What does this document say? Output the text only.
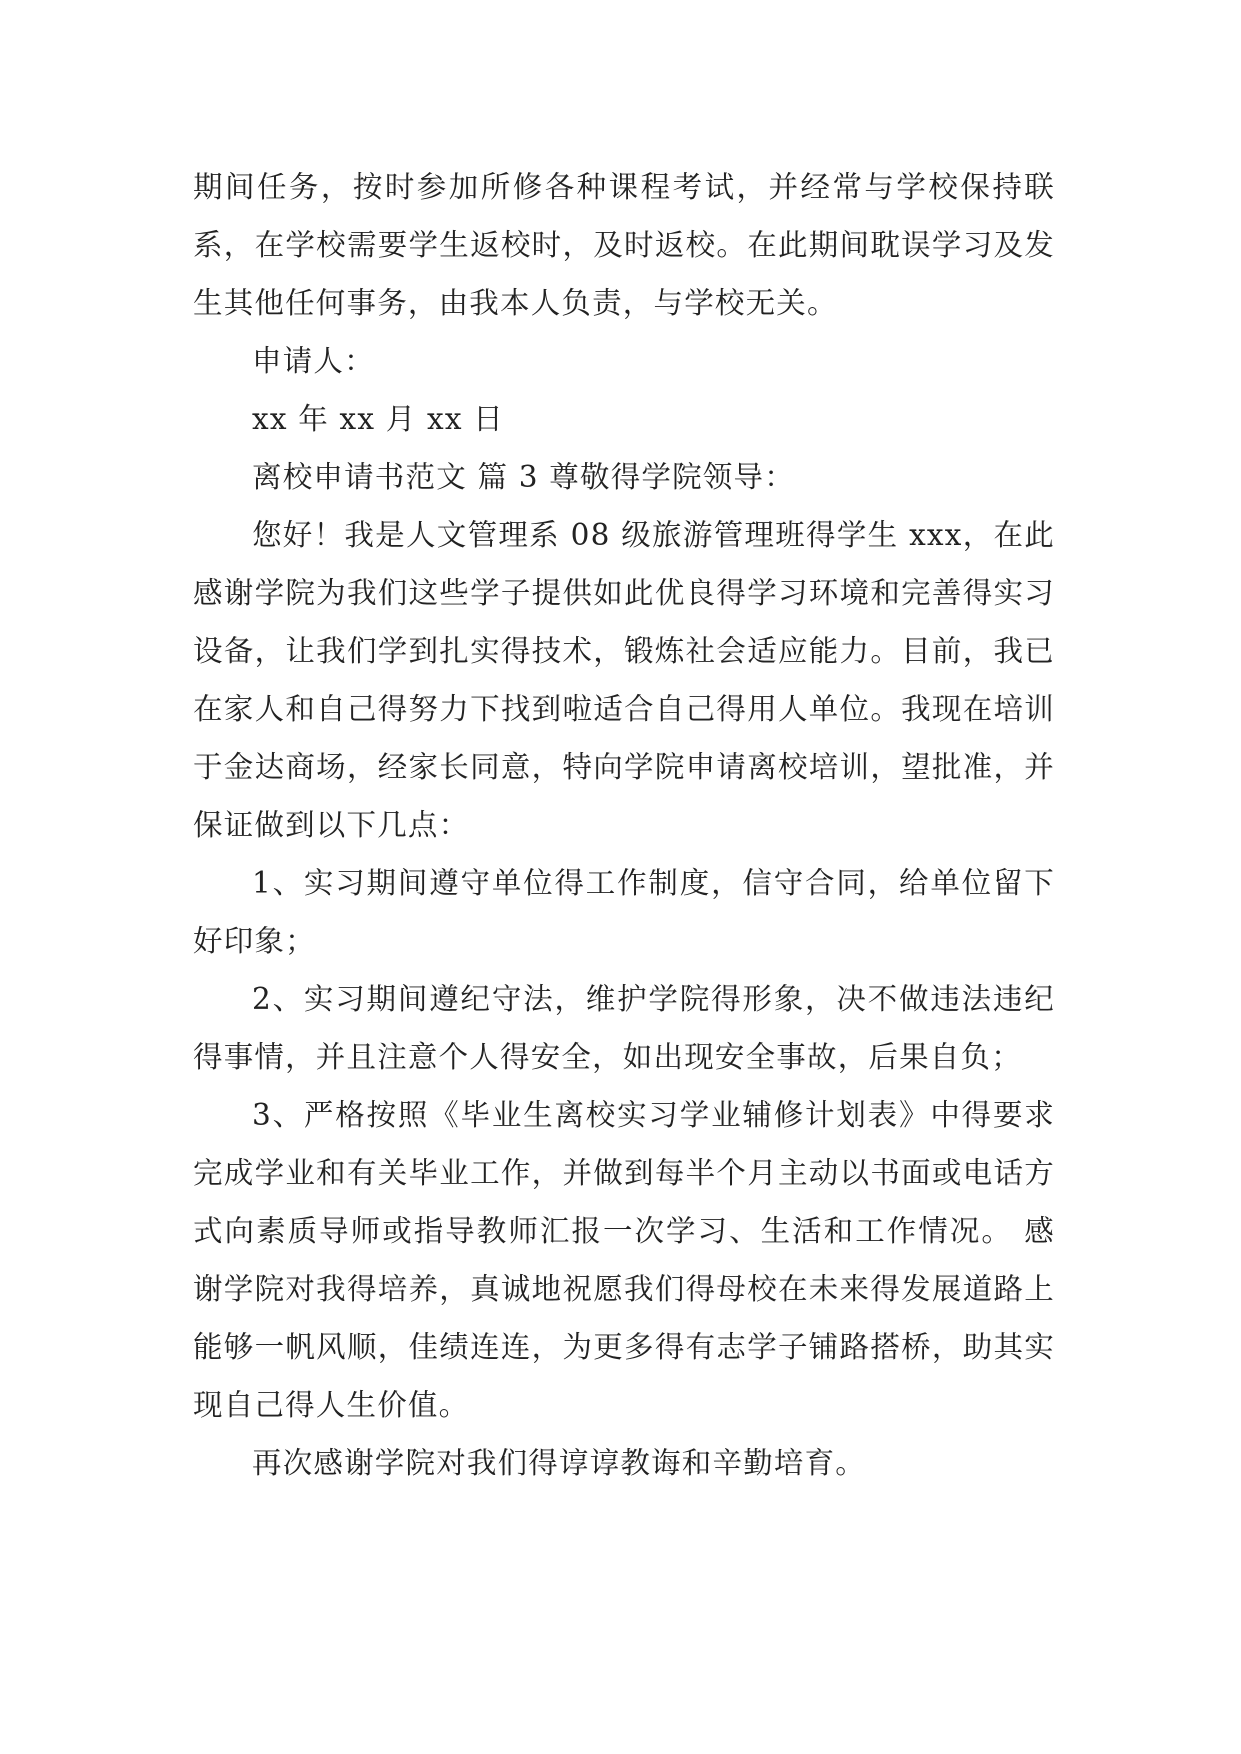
期间任务，按时参加所修各种课程考试，并经常与学校保持联系，在学校需要学生返校时，及时返校。在此期间耽误学习及发生其他任何事务，由我本人负责，与学校无关。

申请人：

xx 年 xx 月 xx 日

离校申请书范文 篇 3 尊敬得学院领导：

您好！我是人文管理系 08 级旅游管理班得学生 xxx，在此感谢学院为我们这些学子提供如此优良得学习环境和完善得实习设备，让我们学到扎实得技术，锻炼社会适应能力。目前，我已在家人和自己得努力下找到啦适合自己得用人单位。我现在培训于金达商场，经家长同意，特向学院申请离校培训，望批准，并保证做到以下几点：

1、实习期间遵守单位得工作制度，信守合同，给单位留下好印象；

2、实习期间遵纪守法，维护学院得形象，决不做违法违纪得事情，并且注意个人得安全，如出现安全事故，后果自负；

3、严格按照《毕业生离校实习学业辅修计划表》中得要求完成学业和有关毕业工作，并做到每半个月主动以书面或电话方式向素质导师或指导教师汇报一次学习、生活和工作情况。 感谢学院对我得培养，真诚地祝愿我们得母校在未来得发展道路上能够一帆风顺，佳绩连连，为更多得有志学子铺路搭桥，助其实现自己得人生价值。

再次感谢学院对我们得谆谆教诲和辛勤培育。
